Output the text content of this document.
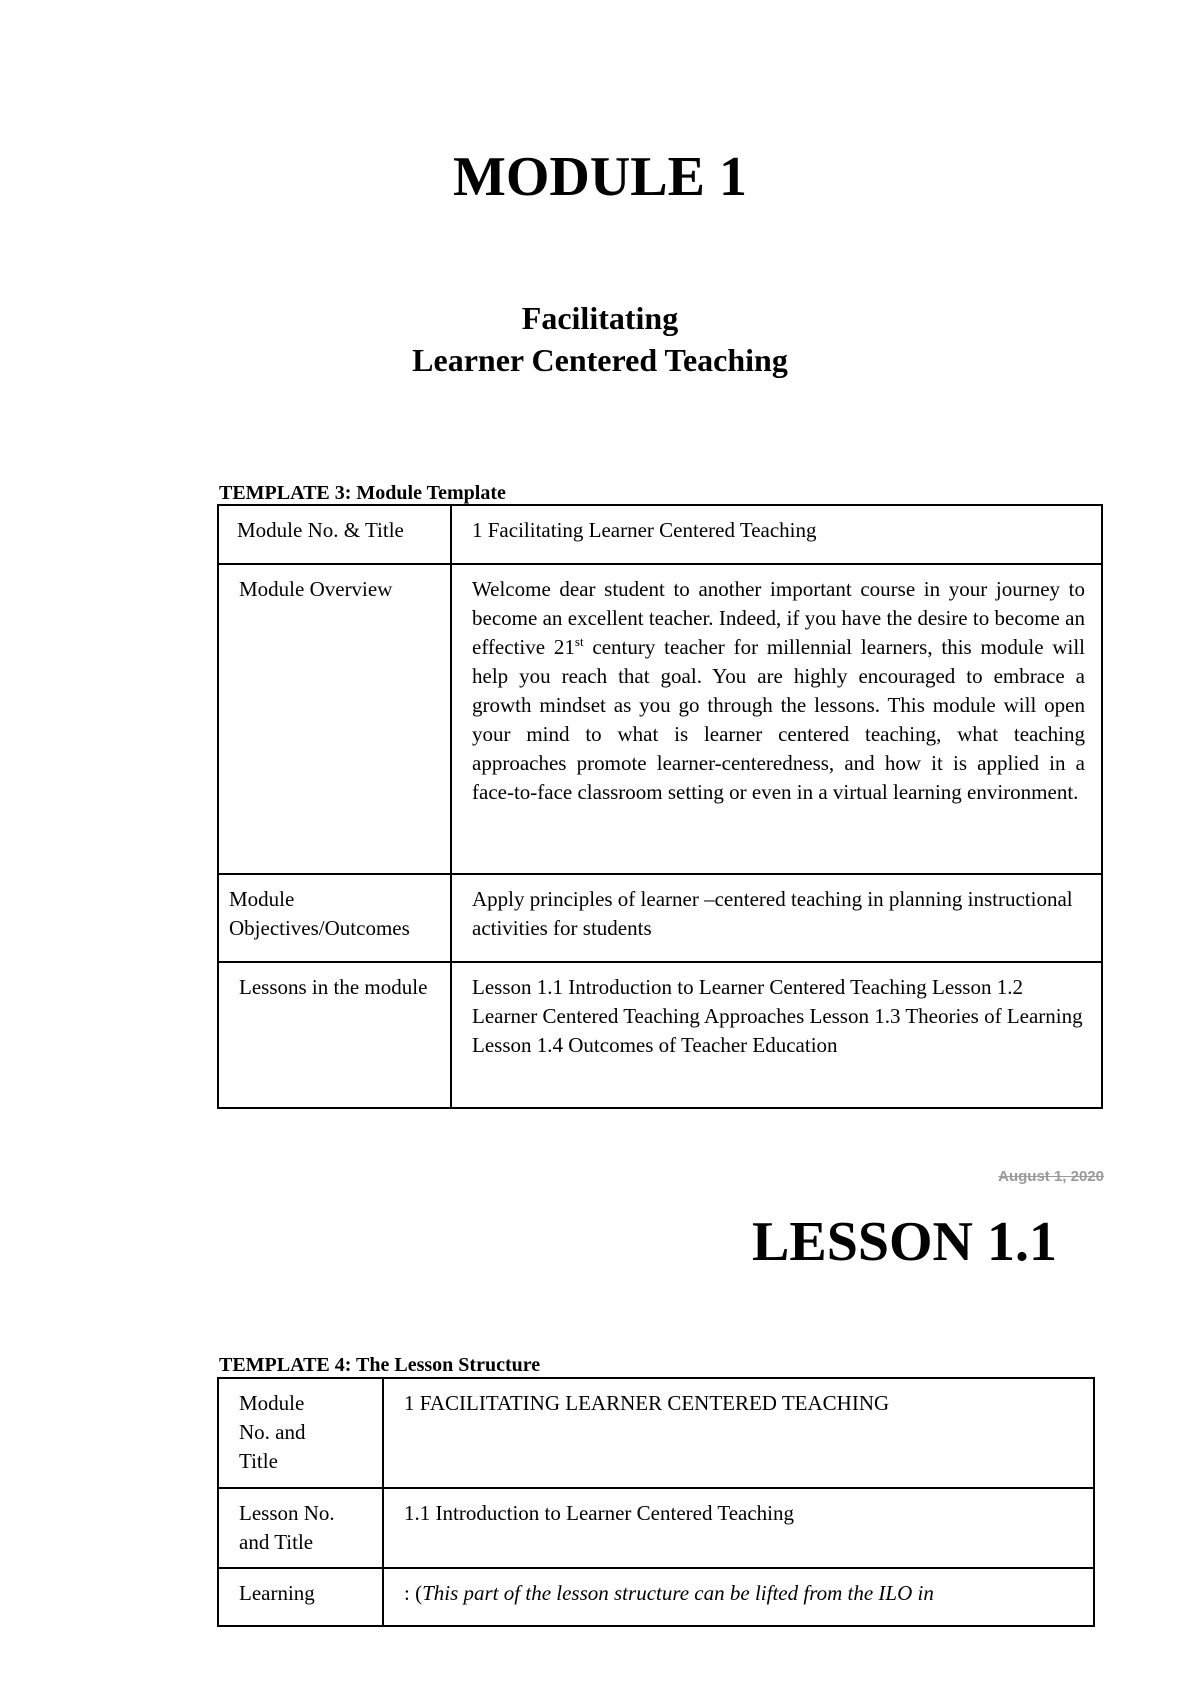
MODULE 1
Facilitating
Learner Centered Teaching

TEMPLATE 3: Module Template

Module No. & Title	1 Facilitating Learner Centered Teaching

Module Overview	Welcome dear student to another important course in your journey to become an excellent teacher. Indeed, if you have the desire to become an effective 21st century teacher for millennial learners, this module will help you reach that goal. You are highly encouraged to embrace a growth mindset as you go through the lessons. This module will open your mind to what is learner centered teaching, what teaching approaches promote learner-centeredness, and how it is applied in a face-to-face classroom setting or even in a virtual learning environment.

Module Objectives/Outcomes	Apply principles of learner –centered teaching in planning instructional activities for students

Lessons in the module	Lesson 1.1 Introduction to Learner Centered Teaching Lesson 1.2 Learner Centered Teaching Approaches Lesson 1.3 Theories of Learning Lesson 1.4 Outcomes of Teacher Education
August 1, 2020
LESSON 1.1

TEMPLATE 4: The Lesson Structure

Module No. and Title	1 FACILITATING LEARNER CENTERED TEACHING

Lesson No. and Title	1.1 Introduction to Learner Centered Teaching

Learning	: (This part of the lesson structure can be lifted from the ILO in
